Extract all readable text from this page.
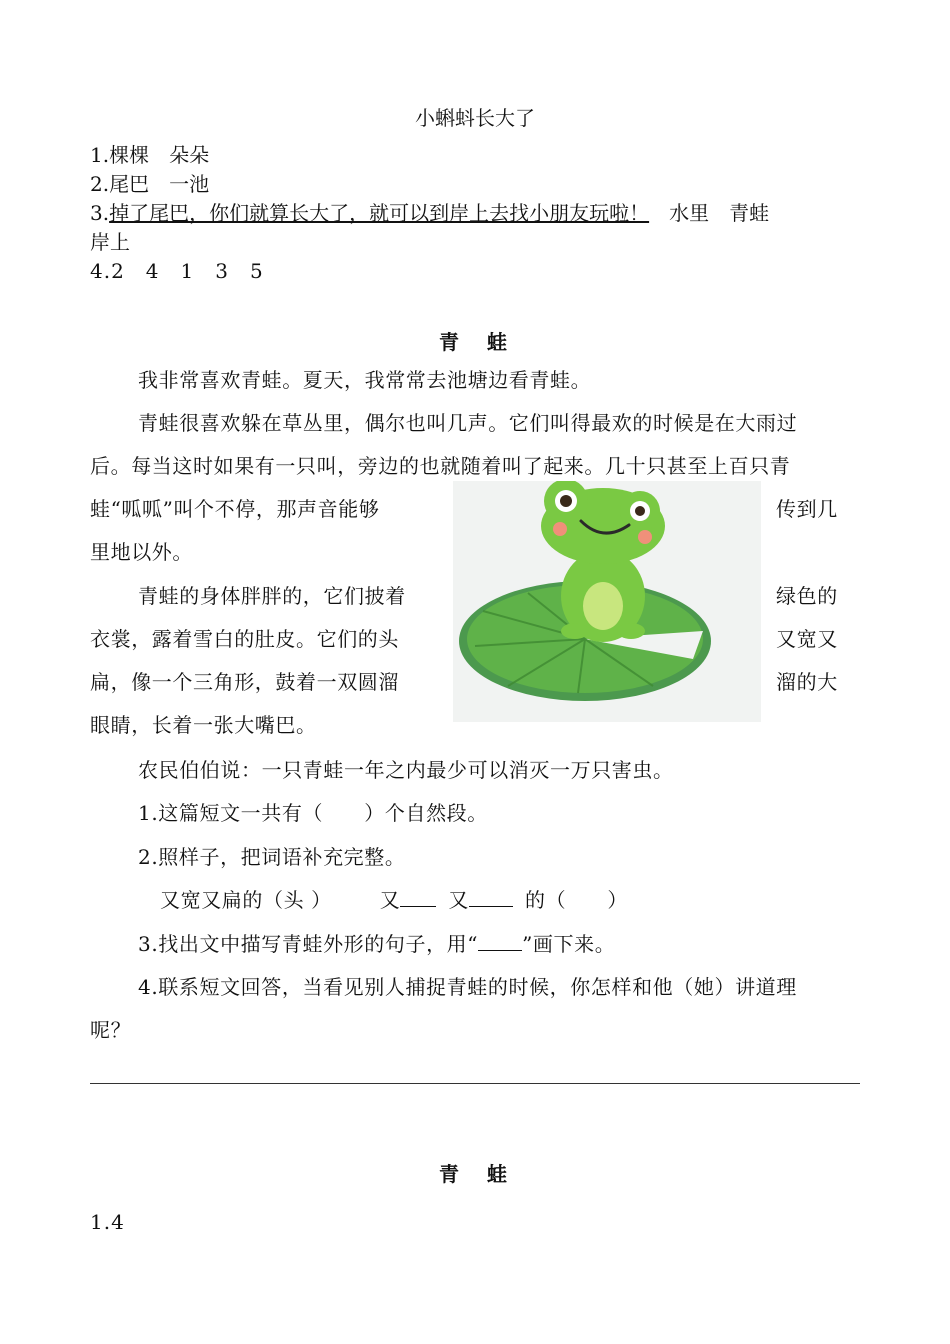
小蝌蚪长大了
1.棵棵　朵朵
2.尾巴　一池
3.掉了尾巴，你们就算长大了，就可以到岸上去找小朋友玩啦！　水里　青蛙
岸上
4.2　4　1　3　5
青　蛙
我非常喜欢青蛙。夏天，我常常去池塘边看青蛙。
青蛙很喜欢躲在草丛里，偶尔也叫几声。它们叫得最欢的时候是在大雨过
后。每当这时如果有一只叫，旁边的也就随着叫了起来。几十只甚至上百只青
蛙“呱呱”叫个不停，那声音能够	传到几
里地以外。
青蛙的身体胖胖的，它们披着	绿色的
衣裳，露着雪白的肚皮。它们的头	又宽又
扁，像一个三角形，鼓着一双圆溜	溜的大
眼睛，长着一张大嘴巴。
农民伯伯说：一只青蛙一年之内最少可以消灭一万只害虫。
1.这篇短文一共有（　　）个自然段。
2.照样子，把词语补充完整。
又宽又扁的（头 ） 又 又	的（　　）
3.找出文中描写青蛙外形的句子，用“ ”画下来。
4.联系短文回答，当看见别人捕捉青蛙的时候，你怎样和他（她）讲道理
呢？
青　蛙
1.4
